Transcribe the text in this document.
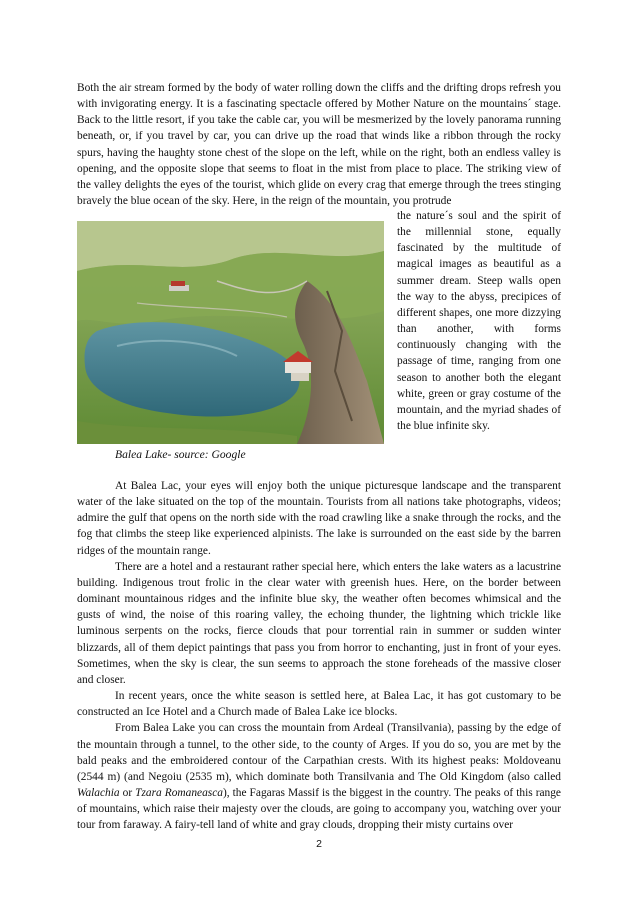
Both the air stream formed by the body of water rolling down the cliffs and the drifting drops refresh you with invigorating energy. It is a fascinating spectacle offered by Mother Nature on the mountains´ stage. Back to the little resort, if you take the cable car, you will be mesmerized by the lovely panorama running beneath, or, if you travel by car, you can drive up the road that winds like a ribbon through the rocky spurs, having the haughty stone chest of the slope on the left, while on the right, both an endless valley is opening, and the opposite slope that seems to float in the mist from place to place. The striking view of the valley delights the eyes of the tourist, which glide on every crag that emerge through the trees stinging bravely the blue ocean of the sky. Here, in the reign of the mountain, you protrude

the nature´s soul and the spirit of the millennial stone, equally fascinated by the multitude of magical images as beautiful as a summer dream. Steep walls open the way to the abyss, precipices of different shapes, one more dizzying than another, with forms continuously changing with the passage of time, ranging from one season to another both the elegant white, green or gray costume of the mountain, and the myriad shades of the blue infinite sky.

Balea Lake- source: Google

At Balea Lac, your eyes will enjoy both the unique picturesque landscape and the transparent water of the lake situated on the top of the mountain. Tourists from all nations take photographs, videos; admire the gulf that opens on the north side with the road crawling like a snake through the rocks, and the fog that climbs the steep like experienced alpinists. The lake is surrounded on the east side by the barren ridges of the mountain range.

There are a hotel and a restaurant rather special here, which enters the lake waters as a lacustrine building. Indigenous trout frolic in the clear water with greenish hues. Here, on the border between dominant mountainous ridges and the infinite blue sky, the weather often becomes whimsical and the gusts of wind, the noise of this roaring valley, the echoing thunder, the lightning which trickle like luminous serpents on the rocks, fierce clouds that pour torrential rain in summer or sudden winter blizzards, all of them depict paintings that pass you from horror to enchanting, just in front of your eyes. Sometimes, when the sky is clear, the sun seems to approach the stone foreheads of the massive closer and closer.

In recent years, once the white season is settled here, at Balea Lac, it has got customary to be constructed an Ice Hotel and a Church made of Balea Lake ice blocks.

From Balea Lake you can cross the mountain from Ardeal (Transilvania), passing by the edge of the mountain through a tunnel, to the other side, to the county of Arges. If you do so, you are met by the bald peaks and the embroidered contour of the Carpathian crests. With its highest peaks: Moldoveanu (2544 m) (and Negoiu (2535 m), which dominate both Transilvania and The Old Kingdom (also called Walachia or Tzara Romaneasca), the Fagaras Massif is the biggest in the country. The peaks of this range of mountains, which raise their majesty over the clouds, are going to accompany you, watching over your tour from faraway. A fairy-tell land of white and gray clouds, dropping their misty curtains over

2
